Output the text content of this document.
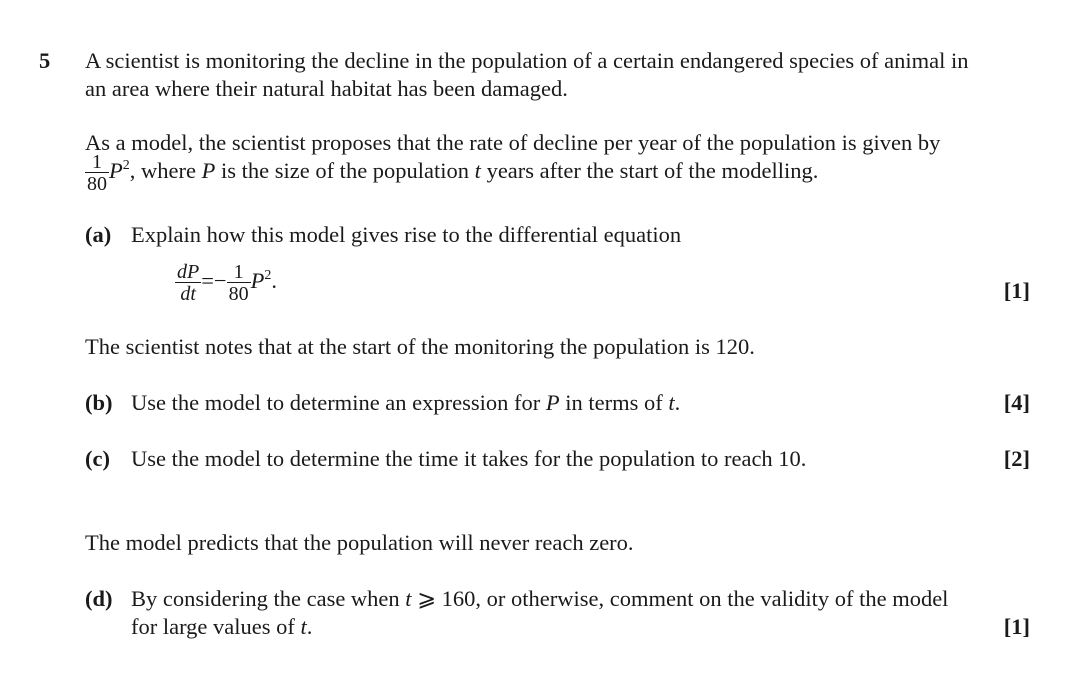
5 A scientist is monitoring the decline in the population of a certain endangered species of animal in
an area where their natural habitat has been damaged.
As a model, the scientist proposes that the rate of decline per year of the population is given by
$\frac{1}{80} P^2$, where P is the size of the population t years after the start of the modelling.
(a) Explain how this model gives rise to the differential equation
$\frac{dP}{dt} =- \frac{1}{80} P^2$.	[1]
The scientist notes that at the start of the monitoring the population is 120.
(b) Use the model to determine an expression for P in terms of t.	[4]
(c) Use the model to determine the time it takes for the population to reach 10.	[2]
The model predicts that the population will never reach zero.
(d) By considering the case when t ⩾ 160, or otherwise, comment on the validity of the model
for large values of t.	[1]
